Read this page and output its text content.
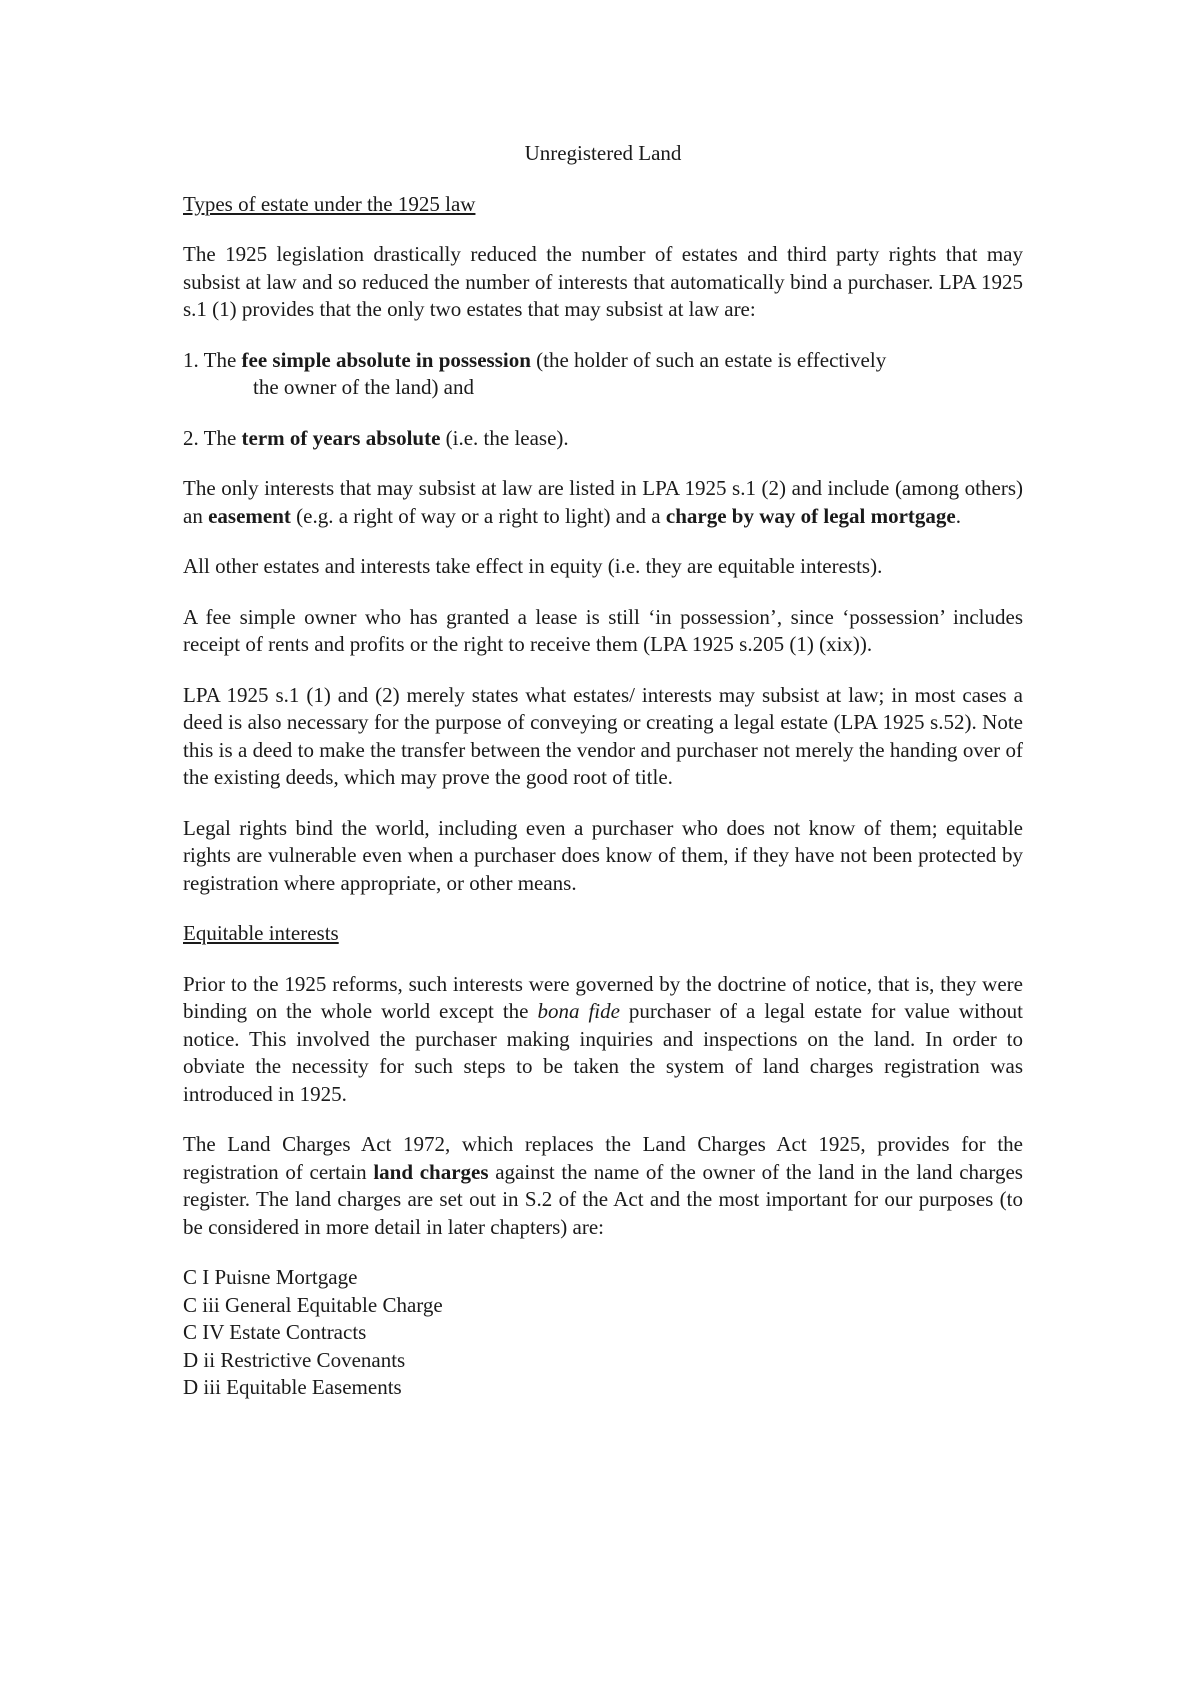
Unregistered Land
Types of estate under the 1925 law

The 1925 legislation drastically reduced the number of estates and third party rights that may subsist at law and so reduced the number of interests that automatically bind a purchaser. LPA 1925 s.1 (1) provides that the only two estates that may subsist at law are:

1. The fee simple absolute in possession (the holder of such an estate is effectively
the owner of the land) and
2. The term of years absolute (i.e. the lease).

The only interests that may subsist at law are listed in LPA 1925 s.1 (2) and include (among others) an easement (e.g. a right of way or a right to light) and a charge by way of legal mortgage.

All other estates and interests take effect in equity (i.e. they are equitable interests).

A fee simple owner who has granted a lease is still ‘in possession’, since ‘possession’ includes receipt of rents and profits or the right to receive them (LPA 1925 s.205 (1) (xix)).

LPA 1925 s.1 (1) and (2) merely states what estates/ interests may subsist at law; in most cases a deed is also necessary for the purpose of conveying or creating a legal estate (LPA 1925 s.52). Note this is a deed to make the transfer between the vendor and purchaser not merely the handing over of the existing deeds, which may prove the good root of title.

Legal rights bind the world, including even a purchaser who does not know of them; equitable rights are vulnerable even when a purchaser does know of them, if they have not been protected by registration where appropriate, or other means.

Equitable interests

Prior to the 1925 reforms, such interests were governed by the doctrine of notice, that is, they were binding on the whole world except the bona fide purchaser of a legal estate for value without notice. This involved the purchaser making inquiries and inspections on the land. In order to obviate the necessity for such steps to be taken the system of land charges registration was introduced in 1925.

The Land Charges Act 1972, which replaces the Land Charges Act 1925, provides for the registration of certain land charges against the name of the owner of the land in the land charges register. The land charges are set out in S.2 of the Act and the most important for our purposes (to be considered in more detail in later chapters) are:

C I Puisne Mortgage
C iii General Equitable Charge
C IV Estate Contracts
D ii Restrictive Covenants
D iii Equitable Easements
